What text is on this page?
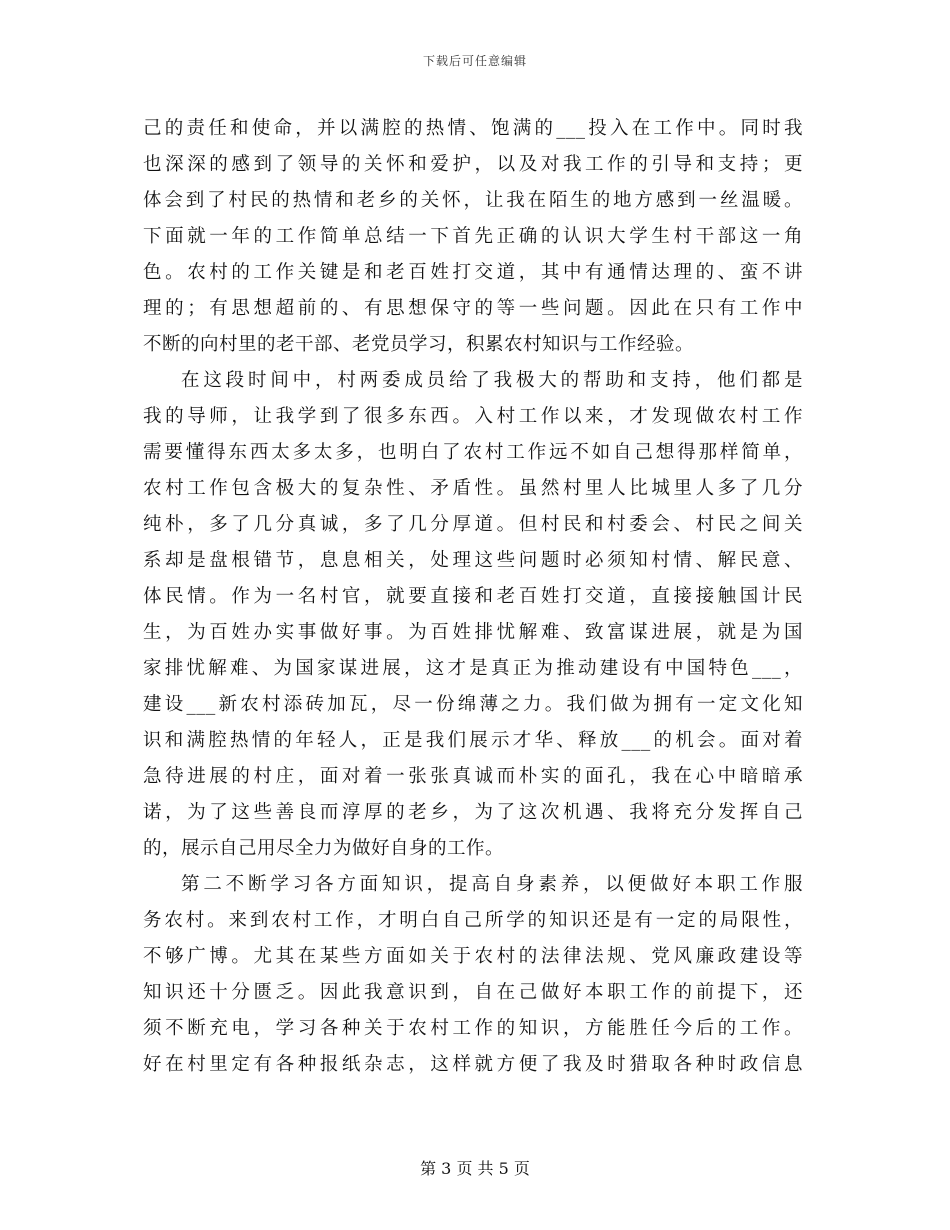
下载后可任意编辑
己的责任和使命，并以满腔的热情、饱满的___投入在工作中。同时我
也深深的感到了领导的关怀和爱护，以及对我工作的引导和支持；更
体会到了村民的热情和老乡的关怀，让我在陌生的地方感到一丝温暖。
下面就一年的工作简单总结一下首先正确的认识大学生村干部这一角
色。农村的工作关键是和老百姓打交道，其中有通情达理的、蛮不讲
理的；有思想超前的、有思想保守的等一些问题。因此在只有工作中
不断的向村里的老干部、老党员学习，积累农村知识与工作经验。
在这段时间中，村两委成员给了我极大的帮助和支持，他们都是
我的导师，让我学到了很多东西。入村工作以来，才发现做农村工作
需要懂得东西太多太多，也明白了农村工作远不如自己想得那样简单，
农村工作包含极大的复杂性、矛盾性。虽然村里人比城里人多了几分
纯朴，多了几分真诚，多了几分厚道。但村民和村委会、村民之间关
系却是盘根错节，息息相关，处理这些问题时必须知村情、解民意、
体民情。作为一名村官，就要直接和老百姓打交道，直接接触国计民
生，为百姓办实事做好事。为百姓排忧解难、致富谋进展，就是为国
家排忧解难、为国家谋进展，这才是真正为推动建设有中国特色___，
建设___新农村添砖加瓦，尽一份绵薄之力。我们做为拥有一定文化知
识和满腔热情的年轻人，正是我们展示才华、释放___的机会。面对着
急待进展的村庄，面对着一张张真诚而朴实的面孔，我在心中暗暗承
诺，为了这些善良而淳厚的老乡，为了这次机遇、我将充分发挥自己
的，展示自己用尽全力为做好自身的工作。
第二不断学习各方面知识，提高自身素养，以便做好本职工作服
务农村。来到农村工作，才明白自己所学的知识还是有一定的局限性，
不够广博。尤其在某些方面如关于农村的法律法规、党风廉政建设等
知识还十分匮乏。因此我意识到，自在己做好本职工作的前提下，还
须不断充电，学习各种关于农村工作的知识，方能胜任今后的工作。
好在村里定有各种报纸杂志，这样就方便了我及时猎取各种时政信息
第 3 页 共 5 页
